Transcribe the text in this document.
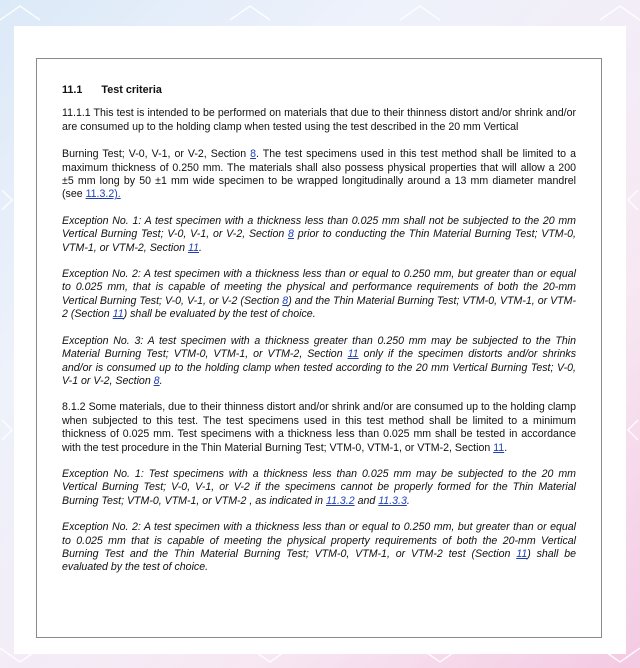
11.1 Test criteria

11.1.1 This test is intended to be performed on materials that due to their thinness distort and/or shrink and/or are consumed up to the holding clamp when tested using the test described in the 20 mm Vertical

Burning Test; V-0, V-1, or V-2, Section 8. The test specimens used in this test method shall be limited to a maximum thickness of 0.250 mm. The materials shall also possess physical properties that will allow a 200 ±5 mm long by 50 ±1 mm wide specimen to be wrapped longitudinally around a 13 mm diameter mandrel (see 11.3.2).

Exception No. 1: A test specimen with a thickness less than 0.025 mm shall not be subjected to the 20 mm Vertical Burning Test; V-0, V-1, or V-2, Section 8 prior to conducting the Thin Material Burning Test; VTM-0, VTM-1, or VTM-2, Section 11.

Exception No. 2: A test specimen with a thickness less than or equal to 0.250 mm, but greater than or equal to 0.025 mm, that is capable of meeting the physical and performance requirements of both the 20-mm Vertical Burning Test; V-0, V-1, or V-2 (Section 8) and the Thin Material Burning Test; VTM-0, VTM-1, or VTM-2 (Section 11) shall be evaluated by the test of choice.

Exception No. 3: A test specimen with a thickness greater than 0.250 mm may be subjected to the Thin Material Burning Test; VTM-0, VTM-1, or VTM-2, Section 11 only if the specimen distorts and/or shrinks and/or is consumed up to the holding clamp when tested according to the 20 mm Vertical Burning Test; V-0, V-1 or V-2, Section 8.

8.1.2 Some materials, due to their thinness distort and/or shrink and/or are consumed up to the holding clamp when subjected to this test. The test specimens used in this test method shall be limited to a minimum thickness of 0.025 mm. Test specimens with a thickness less than 0.025 mm shall be tested in accordance with the test procedure in the Thin Material Burning Test; VTM-0, VTM-1, or VTM-2, Section 11.

Exception No. 1: Test specimens with a thickness less than 0.025 mm may be subjected to the 20 mm Vertical Burning Test; V-0, V-1, or V-2 if the specimens cannot be properly formed for the Thin Material Burning Test; VTM-0, VTM-1, or VTM-2 , as indicated in 11.3.2 and 11.3.3.

Exception No. 2: A test specimen with a thickness less than or equal to 0.250 mm, but greater than or equal to 0.025 mm that is capable of meeting the physical property requirements of both the 20-mm Vertical Burning Test and the Thin Material Burning Test; VTM-0, VTM-1, or VTM-2 test (Section 11) shall be evaluated by the test of choice.
